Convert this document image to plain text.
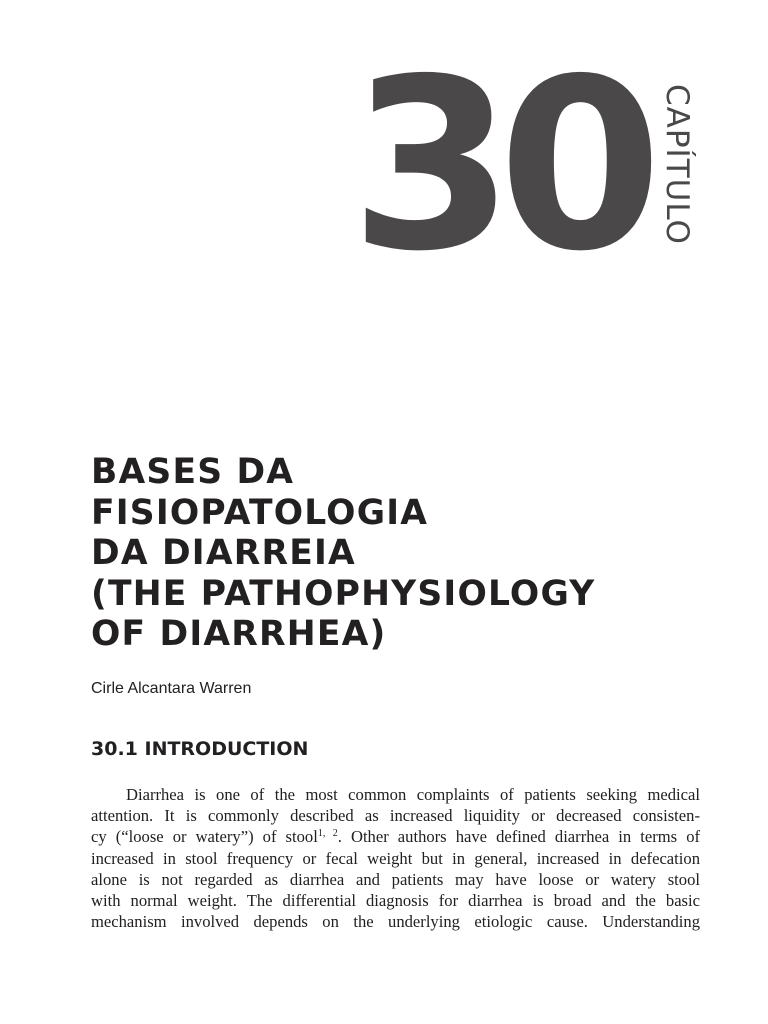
30 CAPÍTULO
BASES DA
FISIOPATOLOGIA
DA DIARREIA
(THE PATHOPHYSIOLOGY
OF DIARRHEA)
Cirle Alcantara Warren
30.1 INTRODUCTION

Diarrhea is one of the most common complaints of patients seeking medical
attention. It is commonly described as increased liquidity or decreased consisten-
cy (“loose or watery”) of stool$^{1, 2}$. Other authors have defined diarrhea in terms of
increased in stool frequency or fecal weight but in general, increased in defecation
alone is not regarded as diarrhea and patients may have loose or watery stool
with normal weight. The differential diagnosis for diarrhea is broad and the basic
mechanism involved depends on the underlying etiologic cause. Understanding
